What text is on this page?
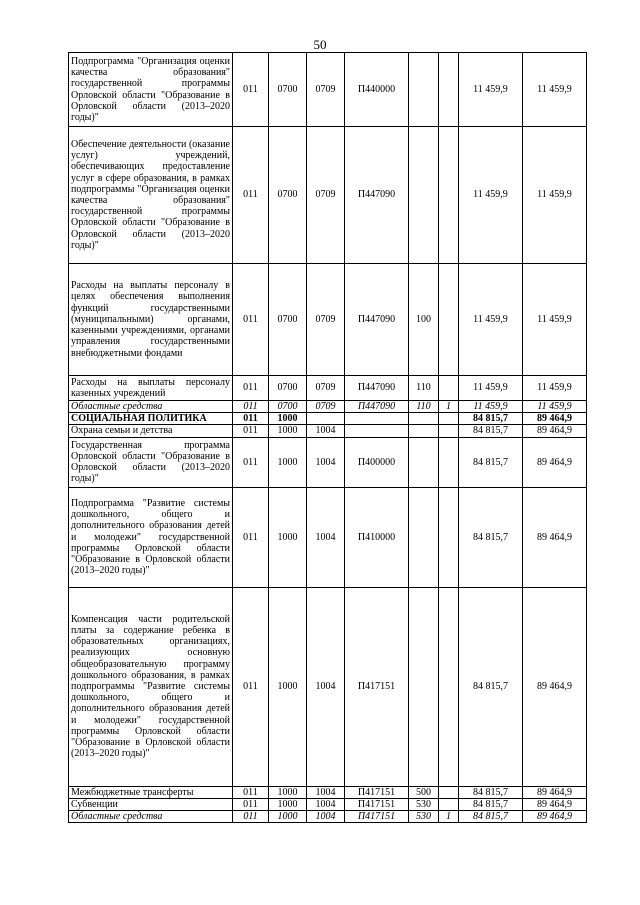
50
Подпрограмма "Организация оценки качества образования" государственной программы Орловской области "Образование в Орловской области (2013–2020 годы)"	011	0700	0709	П440000			11 459,9	11 459,9
Обеспечение деятельности (оказание услуг) учреждений, обеспечивающих предоставление услуг в сфере образования, в рамках подпрограммы "Организация оценки качества образования" государственной программы Орловской области "Образование в Орловской области (2013–2020 годы)"	011	0700	0709	П447090			11 459,9	11 459,9
Расходы на выплаты персоналу в целях обеспечения выполнения функций государственными (муниципальными) органами, казенными учреждениями, органами управления государственными внебюджетными фондами	011	0700	0709	П447090	100		11 459,9	11 459,9
Расходы на выплаты персоналу казенных учреждений	011	0700	0709	П447090	110		11 459,9	11 459,9
Областные средства	011	0700	0709	П447090	110	1	11 459,9	11 459,9
СОЦИАЛЬНАЯ ПОЛИТИКА	011	1000					84 815,7	89 464,9
Охрана семьи и детства	011	1000	1004				84 815,7	89 464,9
Государственная программа Орловской области "Образование в Орловской области (2013–2020 годы)"	011	1000	1004	П400000			84 815,7	89 464,9
Подпрограмма "Развитие системы дошкольного, общего и дополнительного образования детей и молодежи" государственной программы Орловской области "Образование в Орловской области (2013–2020 годы)"	011	1000	1004	П410000			84 815,7	89 464,9
Компенсация части родительской платы за содержание ребенка в образовательных организациях, реализующих основную общеобразовательную программу дошкольного образования, в рамках подпрограммы "Развитие системы дошкольного, общего и дополнительного образования детей и молодежи" государственной программы Орловской области "Образование в Орловской области (2013–2020 годы)"	011	1000	1004	П417151			84 815,7	89 464,9
Межбюджетные трансферты	011	1000	1004	П417151	500		84 815,7	89 464,9
Субвенции	011	1000	1004	П417151	530		84 815,7	89 464,9
Областные средства	011	1000	1004	П417151	530	1	84 815,7	89 464,9
